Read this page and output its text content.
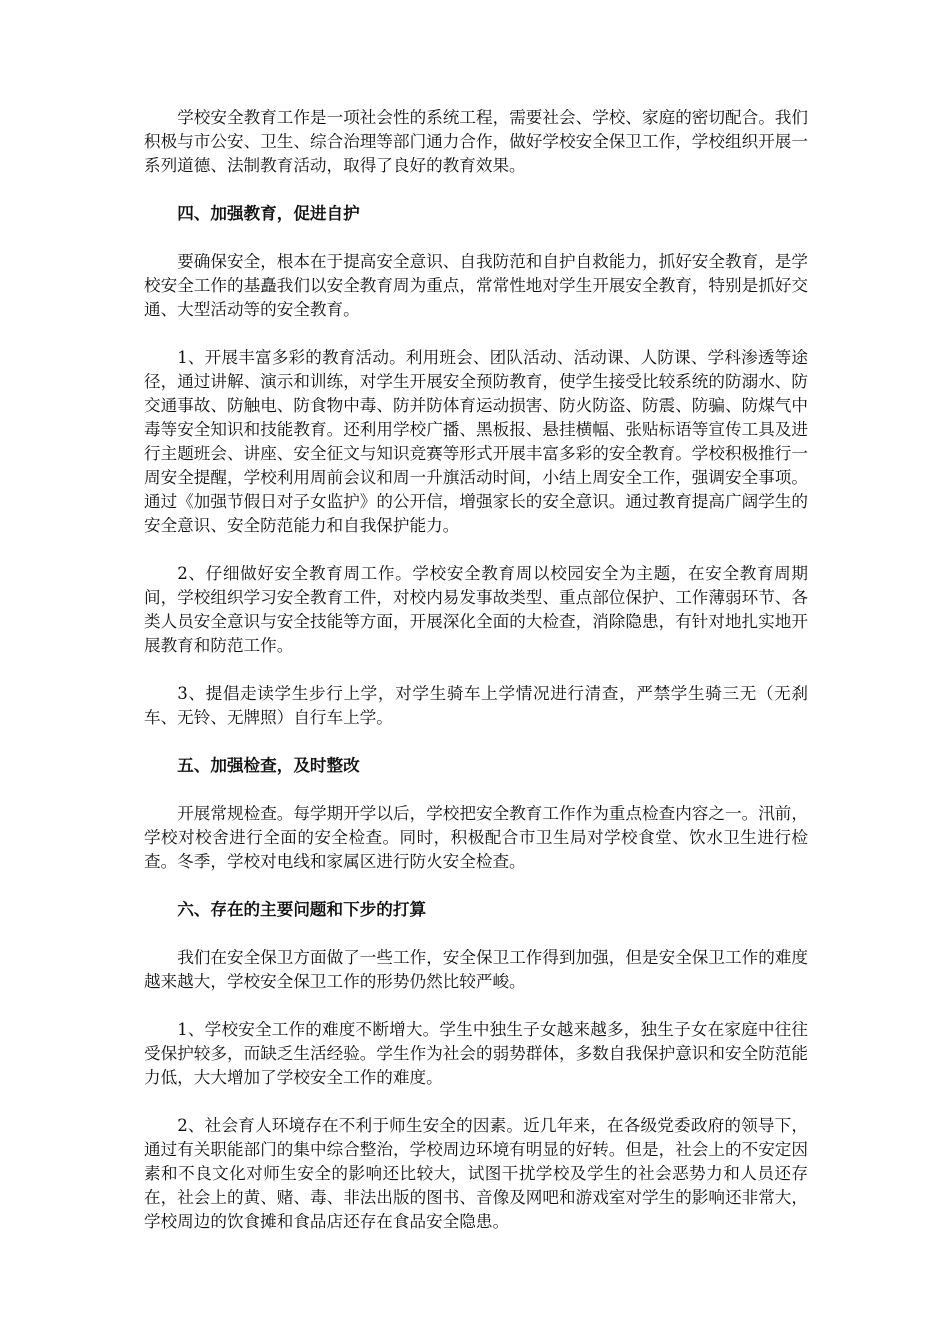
学校安全教育工作是一项社会性的系统工程，需要社会、学校、家庭的密切配合。我们积极与市公安、卫生、综合治理等部门通力合作，做好学校安全保卫工作，学校组织开展一系列道德、法制教育活动，取得了良好的教育效果。

四、加强教育，促进自护

要确保安全，根本在于提高安全意识、自我防范和自护自救能力，抓好安全教育，是学校安全工作的基矗我们以安全教育周为重点，常常性地对学生开展安全教育，特别是抓好交通、大型活动等的安全教育。

1、开展丰富多彩的教育活动。利用班会、团队活动、活动课、人防课、学科渗透等途径，通过讲解、演示和训练，对学生开展安全预防教育，使学生接受比较系统的防溺水、防交通事故、防触电、防食物中毒、防并防体育运动损害、防火防盗、防震、防骗、防煤气中毒等安全知识和技能教育。还利用学校广播、黑板报、悬挂横幅、张贴标语等宣传工具及进行主题班会、讲座、安全征文与知识竞赛等形式开展丰富多彩的安全教育。学校积极推行一周安全提醒，学校利用周前会议和周一升旗活动时间，小结上周安全工作，强调安全事项。通过《加强节假日对子女监护》的公开信，增强家长的安全意识。通过教育提高广阔学生的安全意识、安全防范能力和自我保护能力。

2、仔细做好安全教育周工作。学校安全教育周以校园安全为主题，在安全教育周期间，学校组织学习安全教育工件，对校内易发事故类型、重点部位保护、工作薄弱环节、各类人员安全意识与安全技能等方面，开展深化全面的大检查，消除隐患，有针对地扎实地开展教育和防范工作。

3、提倡走读学生步行上学，对学生骑车上学情况进行清查，严禁学生骑三无（无刹车、无铃、无牌照）自行车上学。

五、加强检查，及时整改

开展常规检查。每学期开学以后，学校把安全教育工作作为重点检查内容之一。汛前，学校对校舍进行全面的安全检查。同时，积极配合市卫生局对学校食堂、饮水卫生进行检查。冬季，学校对电线和家属区进行防火安全检查。

六、存在的主要问题和下步的打算

我们在安全保卫方面做了一些工作，安全保卫工作得到加强，但是安全保卫工作的难度越来越大，学校安全保卫工作的形势仍然比较严峻。

1、学校安全工作的难度不断增大。学生中独生子女越来越多，独生子女在家庭中往往受保护较多，而缺乏生活经验。学生作为社会的弱势群体，多数自我保护意识和安全防范能力低，大大增加了学校安全工作的难度。

2、社会育人环境存在不利于师生安全的因素。近几年来，在各级党委政府的领导下，通过有关职能部门的集中综合整治，学校周边环境有明显的好转。但是，社会上的不安定因素和不良文化对师生安全的影响还比较大，试图干扰学校及学生的社会恶势力和人员还存在，社会上的黄、赌、毒、非法出版的图书、音像及网吧和游戏室对学生的影响还非常大，学校周边的饮食摊和食品店还存在食品安全隐患。
